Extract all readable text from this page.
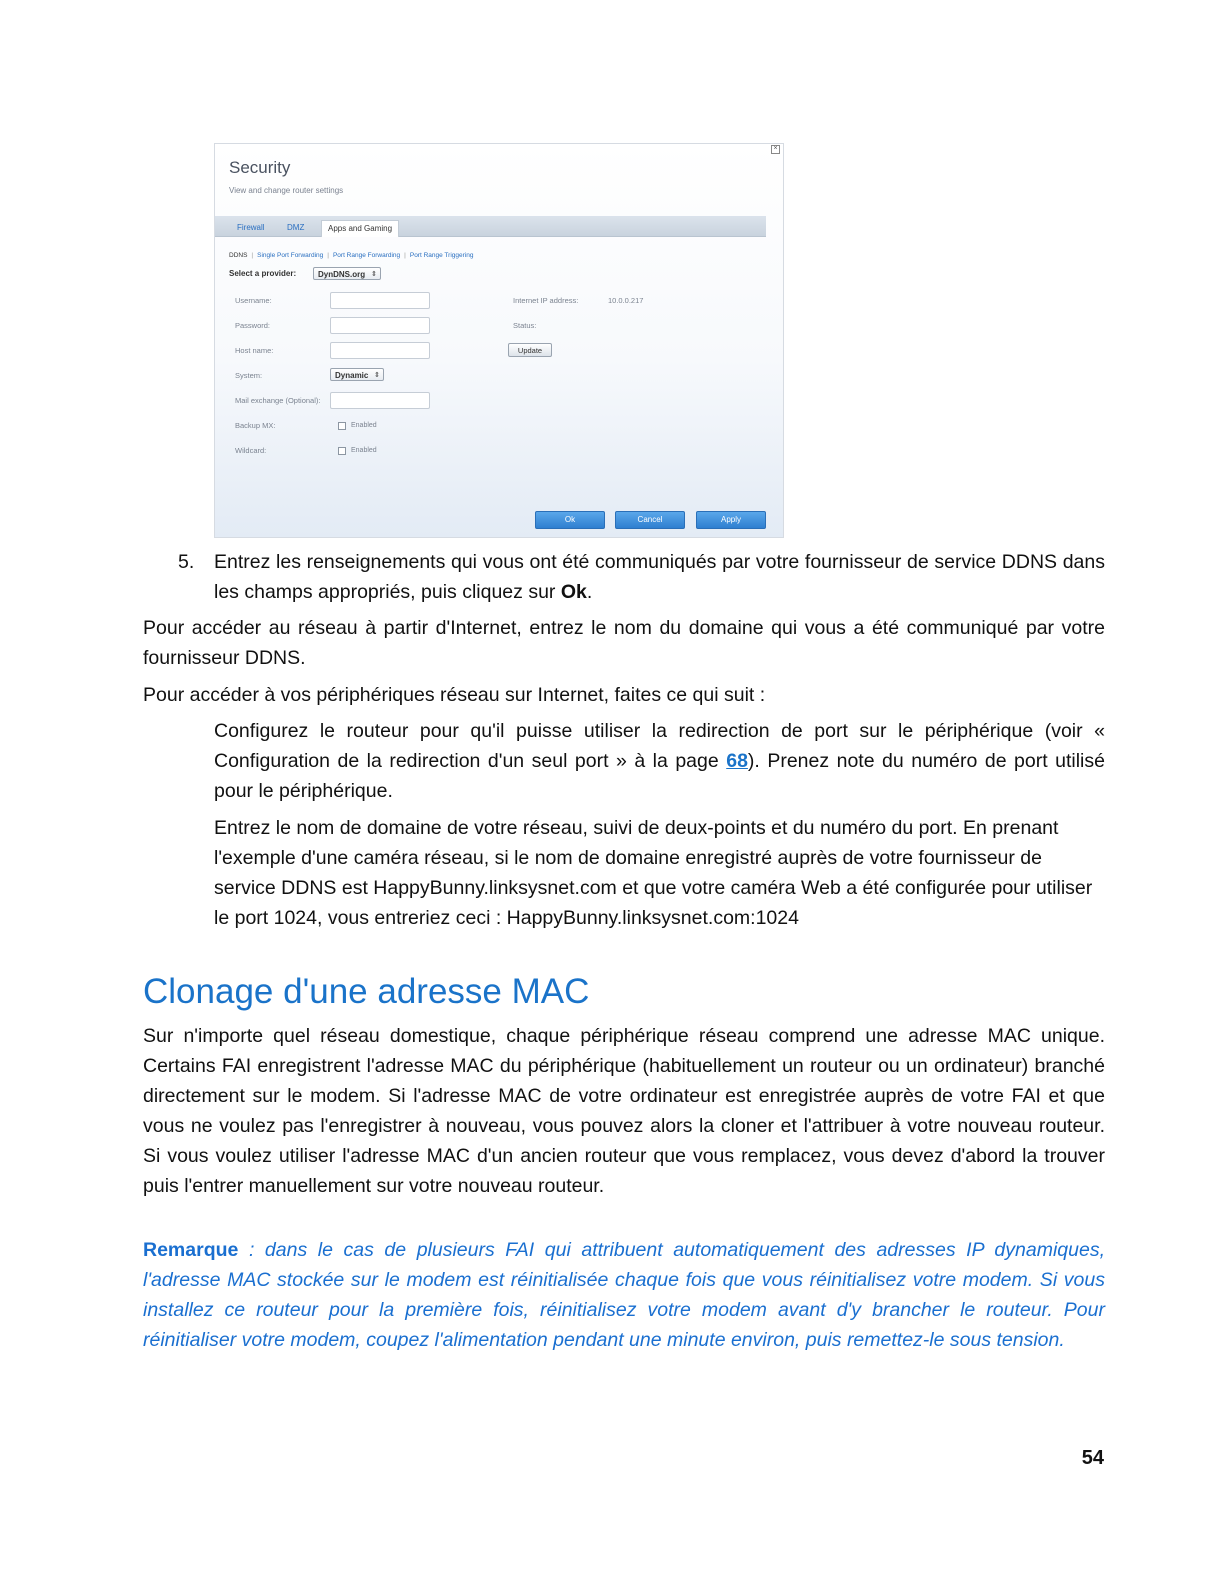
×
Security
View and change router settings
Firewall	DMZ	Apps and Gaming
DDNS | Single Port Forwarding | Port Range Forwarding | Port Range Triggering
Select a provider:	DynDNS.org ⇕
Username:
Password:
Host name:
System:	Dynamic ⇕
Mail exchange (Optional):
Backup MX:	Enabled
Wildcard:	Enabled
Internet IP address:	10.0.0.217
Status:
Update
Ok	Cancel	Apply
5. Entrez les renseignements qui vous ont été communiqués par votre fournisseur de service DDNS dans les champs appropriés, puis cliquez sur Ok.
Pour accéder au réseau à partir d'Internet, entrez le nom du domaine qui vous a été communiqué par votre fournisseur DDNS.
Pour accéder à vos périphériques réseau sur Internet, faites ce qui suit :
Configurez le routeur pour qu'il puisse utiliser la redirection de port sur le périphérique (voir « Configuration de la redirection d'un seul port » à la page 68). Prenez note du numéro de port utilisé pour le périphérique.
Entrez le nom de domaine de votre réseau, suivi de deux-points et du numéro du port. En prenant l'exemple d'une caméra réseau, si le nom de domaine enregistré auprès de votre fournisseur de service DDNS est HappyBunny.linksysnet.com et que votre caméra Web a été configurée pour utiliser le port 1024, vous entreriez ceci : HappyBunny.linksysnet.com:1024
Clonage d'une adresse MAC
Sur n'importe quel réseau domestique, chaque périphérique réseau comprend une adresse MAC unique. Certains FAI enregistrent l'adresse MAC du périphérique (habituellement un routeur ou un ordinateur) branché directement sur le modem. Si l'adresse MAC de votre ordinateur est enregistrée auprès de votre FAI et que vous ne voulez pas l'enregistrer à nouveau, vous pouvez alors la cloner et l'attribuer à votre nouveau routeur. Si vous voulez utiliser l'adresse MAC d'un ancien routeur que vous remplacez, vous devez d'abord la trouver puis l'entrer manuellement sur votre nouveau routeur.
Remarque : dans le cas de plusieurs FAI qui attribuent automatiquement des adresses IP dynamiques, l'adresse MAC stockée sur le modem est réinitialisée chaque fois que vous réinitialisez votre modem. Si vous installez ce routeur pour la première fois, réinitialisez votre modem avant d'y brancher le routeur. Pour réinitialiser votre modem, coupez l'alimentation pendant une minute environ, puis remettez-le sous tension.
54
